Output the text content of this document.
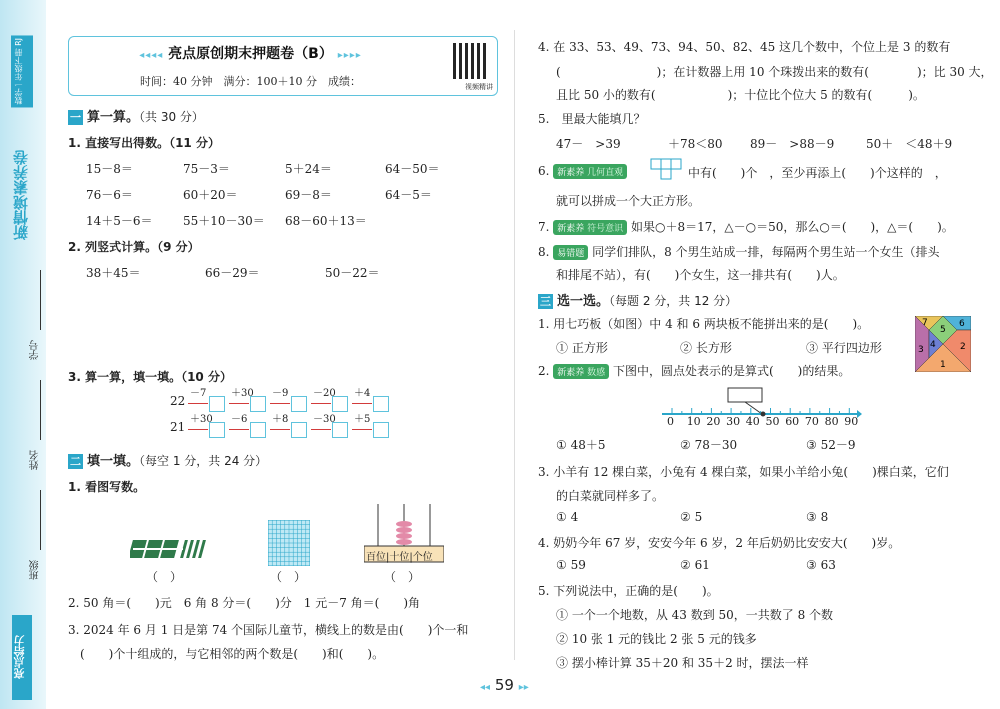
数学一年级下册 RJ
新情境素养卷
学号
姓名
班级
亮点给力
◂◂◂◂ 亮点原创期末押题卷（B） ▸▸▸▸
时间：40 分钟　满分：100＋10 分　成绩：	视频精讲
一 算一算。（共 30 分）
1. 直接写出得数。（11 分）
15－8＝	75－3＝	5＋24＝	64－50＝
76－6＝	60＋20＝	69－8＝	64－5＝
14＋5－6＝	55＋10－30＝ 68－60＋13＝
2. 列竖式计算。（9 分）
38＋45＝	66－29＝	50－22＝
3. 算一算，填一填。（10 分）
22
－7 ＋30 －9 －20 ＋4
21
＋30 －6 ＋8 －30 ＋5
二 填一填。（每空 1 分，共 24 分）
1. 看图写数。
百位|十位|个位
（　）	（　）	（　）
2. 50 角＝(　　)元　6 角 8 分＝(　　)分　1 元－7 角＝(　　)角
3. 2024 年 6 月 1 日是第 74 个国际儿童节，横线上的数是由(　　)个一和
(　　)个十组成的，与它相邻的两个数是(　　)和(　　)。
4. 在 33、53、49、73、94、50、82、45 这几个数中，个位上是 3 的数有
(　　　　　　　　)；在计数器上用 10 个珠拨出来的数有(　　　　)；比 30 大，
且比 50 小的数有(　　　　　　)；十位比个位大 5 的数有(　　　)。
5.　里最大能填几？
47－　>39	　＋78＜80 89－　>88－9	50＋　＜48＋9
6. 新素养 几何直观	中有(　　)个　，至少再添上(　　)个这样的　，
就可以拼成一个大正方形。
7. 新素养 符号意识 如果○＋8＝17，△－○＝50，那么○＝(　　)，△＝(　　)。
8. 易错题 同学们排队，8 个男生站成一排，每隔两个男生站一个女生（排头
和排尾不站），有(　　)个女生，这一排共有(　　)人。
三 选一选。（每题 2 分，共 12 分）
1. 用七巧板（如图）中 4 和 6 两块板不能拼出来的是(　　)。
① 正方形	② 长方形	③ 平行四边形
7
5
6
3 4	2
1
2. 新素养 数感 下图中，圆点处表示的是算式(　　)的结果。
0 10 20 30 40 50 60 70 80 90
① 48＋5	② 78－30	③ 52－9
3. 小羊有 12 棵白菜，小兔有 4 棵白菜，如果小羊给小兔(　　)棵白菜，它们
的白菜就同样多了。
① 4	② 5	③ 8
4. 奶奶今年 67 岁，安安今年 6 岁，2 年后奶奶比安安大(　　)岁。
① 59	② 61	③ 63
5. 下列说法中，正确的是(　　)。
① 一个一个地数，从 43 数到 50，一共数了 8 个数
② 10 张 1 元的钱比 2 张 5 元的钱多
③ 摆小棒计算 35＋20 和 35＋2 时，摆法一样
◂◂ 59 ▸▸
